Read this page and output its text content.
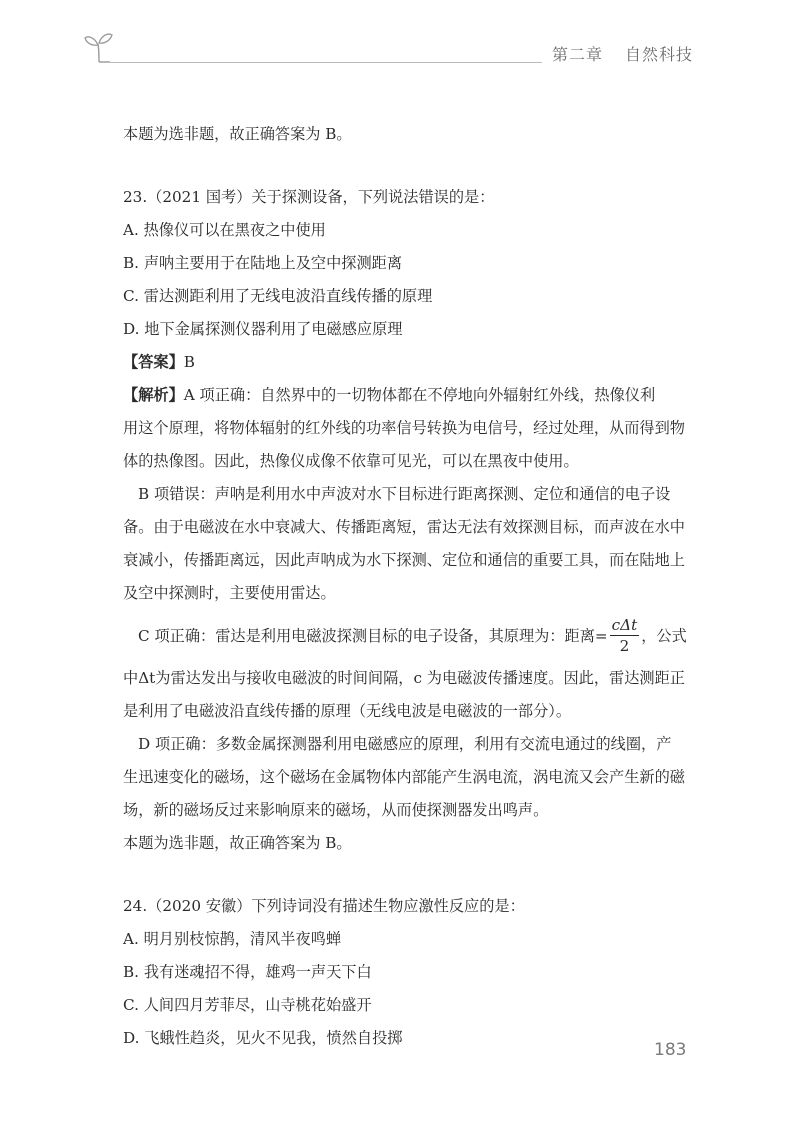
第二章 自然科技
本题为选非题，故正确答案为 B。
23.（2021 国考）关于探测设备，下列说法错误的是：
A. 热像仪可以在黑夜之中使用
B. 声呐主要用于在陆地上及空中探测距离
C. 雷达测距利用了无线电波沿直线传播的原理
D. 地下金属探测仪器利用了电磁感应原理
【答案】B
【解析】A 项正确：自然界中的一切物体都在不停地向外辐射红外线，热像仪利
用这个原理，将物体辐射的红外线的功率信号转换为电信号，经过处理，从而得到物
体的热像图。因此，热像仪成像不依靠可见光，可以在黑夜中使用。
B 项错误：声呐是利用水中声波对水下目标进行距离探测、定位和通信的电子设
备。由于电磁波在水中衰减大、传播距离短，雷达无法有效探测目标，而声波在水中
衰减小，传播距离远，因此声呐成为水下探测、定位和通信的重要工具，而在陆地上
及空中探测时，主要使用雷达。
C 项正确：雷达是利用电磁波探测目标的电子设备，其原理为：距离= $\frac{\text{cΔt}}{2}$ ，公式
中Δt为雷达发出与接收电磁波的时间间隔，c 为电磁波传播速度。因此，雷达测距正
是利用了电磁波沿直线传播的原理（无线电波是电磁波的一部分）。
D 项正确：多数金属探测器利用电磁感应的原理，利用有交流电通过的线圈，产
生迅速变化的磁场，这个磁场在金属物体内部能产生涡电流，涡电流又会产生新的磁
场，新的磁场反过来影响原来的磁场，从而使探测器发出鸣声。
本题为选非题，故正确答案为 B。
24.（2020 安徽）下列诗词没有描述生物应激性反应的是：
A. 明月别枝惊鹊，清风半夜鸣蝉
B. 我有迷魂招不得，雄鸡一声天下白
C. 人间四月芳菲尽，山寺桃花始盛开
D. 飞蛾性趋炎，见火不见我，愤然自投掷
183
